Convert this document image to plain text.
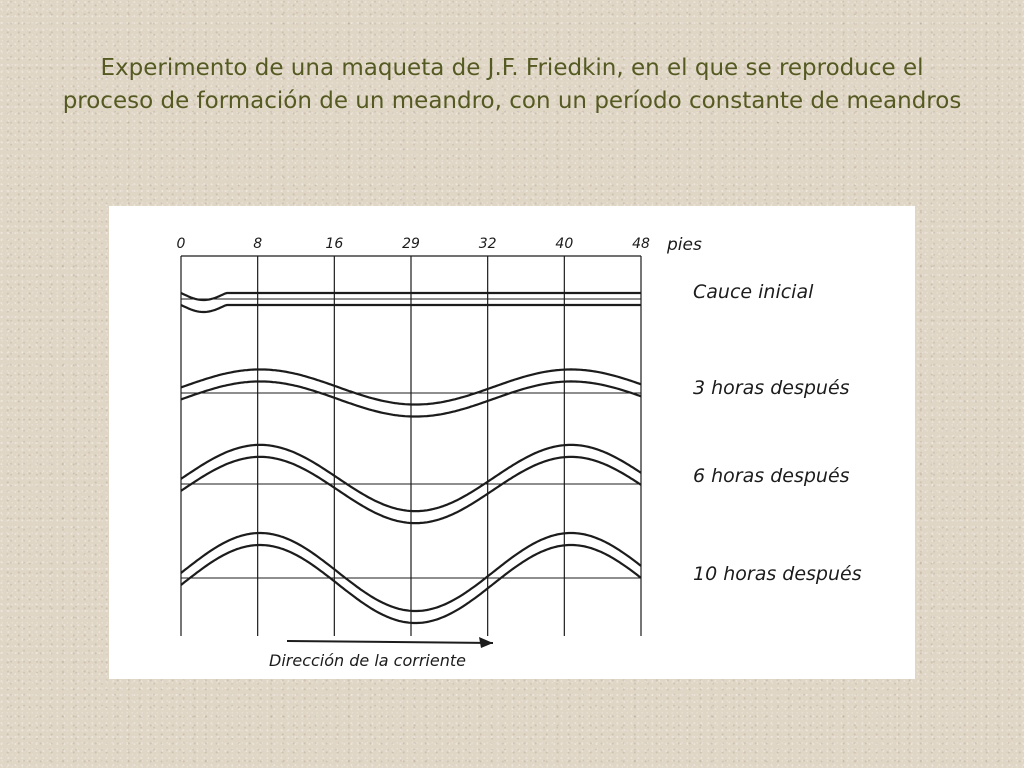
Experimento de una maqueta de J.F. Friedkin, en el que se reproduce el proceso de formación de un meandro, con un período constante de meandros
0	8	16	29	32	40	48 pies
Cauce inicial
3 horas después
6 horas después
10 horas después
Dirección de la corriente
